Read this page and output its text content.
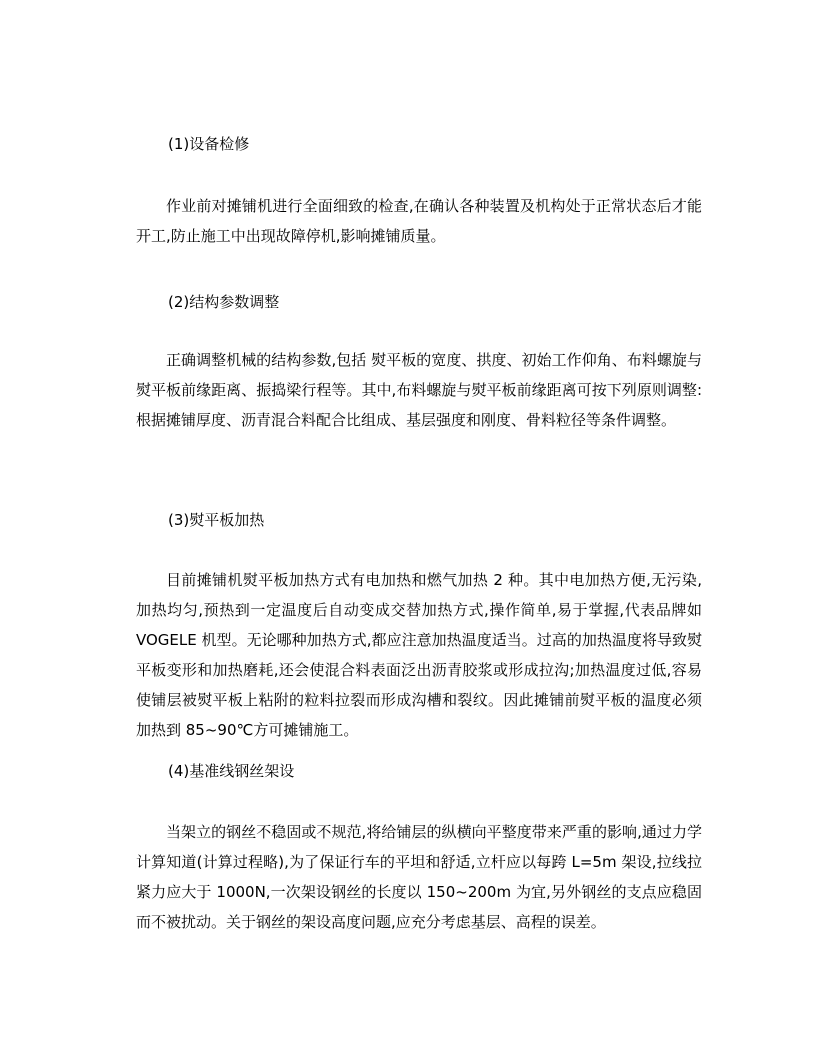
(1)设备检修

作业前对摊铺机进行全面细致的检查,在确认各种装置及机构处于正常状态后才能开工,防止施工中出现故障停机,影响摊铺质量。

(2)结构参数调整

正确调整机械的结构参数,包括 熨平板的宽度、拱度、初始工作仰角、布料螺旋与熨平板前缘距离、振捣梁行程等。其中,布料螺旋与熨平板前缘距离可按下列原则调整:根据摊铺厚度、沥青混合料配合比组成、基层强度和刚度、骨料粒径等条件调整。

(3)熨平板加热

目前摊铺机熨平板加热方式有电加热和燃气加热 2 种。其中电加热方便,无污染,加热均匀,预热到一定温度后自动变成交替加热方式,操作简单,易于掌握,代表品牌如 VOGELE 机型。无论哪种加热方式,都应注意加热温度适当。过高的加热温度将导致熨平板变形和加热磨耗,还会使混合料表面泛出沥青胶浆或形成拉沟;加热温度过低,容易使铺层被熨平板上粘附的粒料拉裂而形成沟槽和裂纹。因此摊铺前熨平板的温度必须加热到 85~90℃方可摊铺施工。

(4)基准线钢丝架设

当架立的钢丝不稳固或不规范,将给铺层的纵横向平整度带来严重的影响,通过力学计算知道(计算过程略),为了保证行车的平坦和舒适,立杆应以每跨 L=5m 架设,拉线拉紧力应大于 1000N,一次架设钢丝的长度以 150~200m 为宜,另外钢丝的支点应稳固而不被扰动。关于钢丝的架设高度问题,应充分考虑基层、高程的误差。
